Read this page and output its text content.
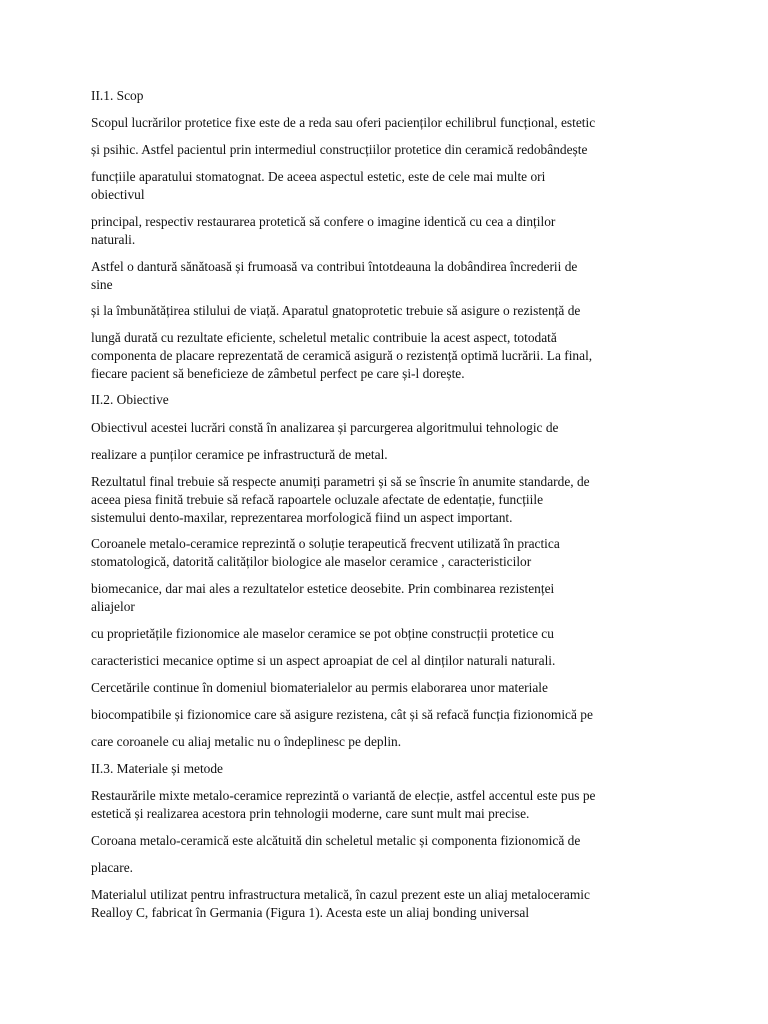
II.1. Scop

Scopul lucrărilor protetice fixe este de a reda sau oferi pacienților echilibrul funcțional, estetic

și psihic. Astfel pacientul prin intermediul construcțiilor protetice din ceramică redobândește

funcțiile aparatului stomatognat. De aceea aspectul estetic, este de cele mai multe ori
obiectivul

principal, respectiv restaurarea protetică să confere o imagine identică cu cea a dinților
naturali.

Astfel o dantură sănătoasă și frumoasă va contribui întotdeauna la dobândirea încrederii de
sine

și la îmbunătățirea stilului de viață. Aparatul gnatoprotetic trebuie să asigure o rezistență de

lungă durată cu rezultate eficiente, scheletul metalic contribuie la acest aspect, totodată
componenta de placare reprezentată de ceramică asigură o rezistență optimă lucrării. La final,
fiecare pacient să beneficieze de zâmbetul perfect pe care și-l dorește.

II.2. Obiective

Obiectivul acestei lucrări constă în analizarea și parcurgerea algoritmului tehnologic de

realizare a punților ceramice pe infrastructură de metal.

Rezultatul final trebuie să respecte anumiți parametri și să se înscrie în anumite standarde, de
aceea piesa finită trebuie să refacă rapoartele ocluzale afectate de edentație, funcțiile
sistemului dento-maxilar, reprezentarea morfologică fiind un aspect important.

Coroanele metalo-ceramice reprezintă o soluție terapeutică frecvent utilizată în practica
stomatologică, datorită calităților biologice ale maselor ceramice , caracteristicilor

biomecanice, dar mai ales a rezultatelor estetice deosebite. Prin combinarea rezistenței
aliajelor

cu proprietățile fizionomice ale maselor ceramice se pot obține construcții protetice cu

caracteristici mecanice optime si un aspect aproapiat de cel al dinților naturali naturali.

Cercetările continue în domeniul biomaterialelor au permis elaborarea unor materiale

biocompatibile și fizionomice care să asigure rezistena, cât și să refacă funcția fizionomică pe

care coroanele cu aliaj metalic nu o îndeplinesc pe deplin.

II.3. Materiale și metode

Restaurările mixte metalo-ceramice reprezintă o variantă de elecție, astfel accentul este pus pe
estetică și realizarea acestora prin tehnologii moderne, care sunt mult mai precise.

Coroana metalo-ceramică este alcătuită din scheletul metalic și componenta fizionomică de

placare.

Materialul utilizat pentru infrastructura metalică, în cazul prezent este un aliaj metaloceramic
Realloy C, fabricat în Germania (Figura 1). Acesta este un aliaj bonding universal
